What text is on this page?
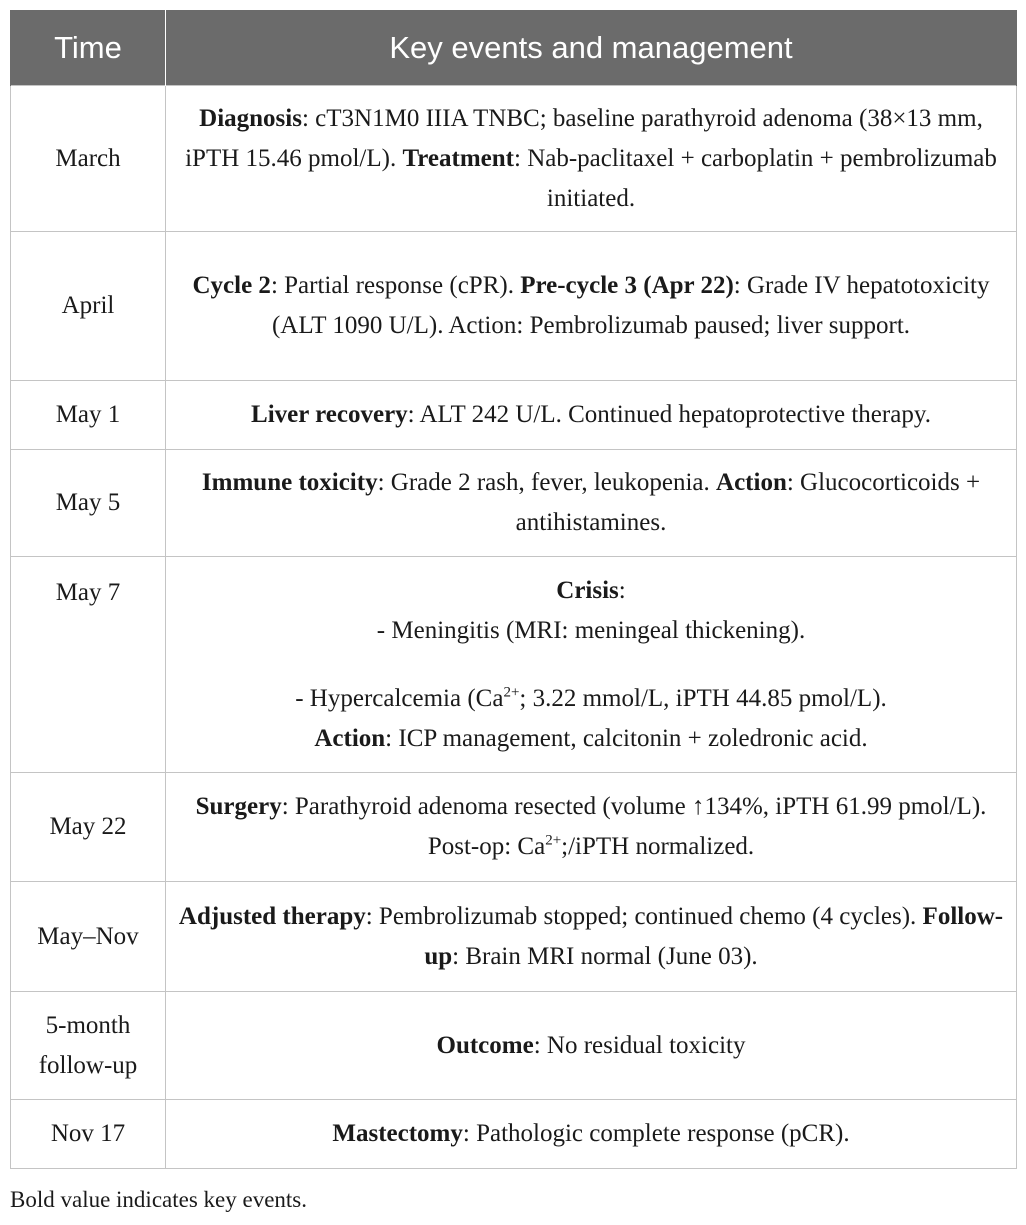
Time	Key events and management
March	Diagnosis: cT3N1M0 IIIA TNBC; baseline parathyroid adenoma (38×13 mm, iPTH 15.46 pmol/L). Treatment: Nab-paclitaxel + carboplatin + pembrolizumab initiated.
April	Cycle 2: Partial response (cPR). Pre-cycle 3 (Apr 22): Grade IV hepatotoxicity (ALT 1090 U/L). Action: Pembrolizumab paused; liver support.
May 1	Liver recovery: ALT 242 U/L. Continued hepatoprotective therapy.
May 5	Immune toxicity: Grade 2 rash, fever, leukopenia. Action: Glucocorticoids + antihistamines.
May 7	Crisis:
- Meningitis (MRI: meningeal thickening).
- Hypercalcemia ($Ca^{2+}$; 3.22 mmol/L, iPTH 44.85 pmol/L).
Action: ICP management, calcitonin + zoledronic acid.

May 22	Surgery: Parathyroid adenoma resected (volume ↑134%, iPTH 61.99 pmol/L). Post-op: $Ca^{2+}$;/iPTH normalized.
May–Nov	Adjusted therapy: Pembrolizumab stopped; continued chemo (4 cycles). Follow-up: Brain MRI normal (June 03).
5-month follow-up	Outcome: No residual toxicity
Nov 17	Mastectomy: Pathologic complete response (pCR).
Bold value indicates key events.
